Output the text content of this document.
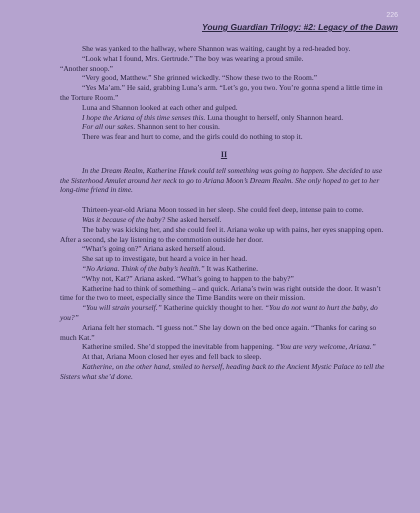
226
Young Guardian Trilogy: #2: Legacy of the Dawn

She was yanked to the hallway, where Shannon was waiting, caught by a red-headed boy.

“Look what I found, Mrs. Gertrude.” The boy was wearing a proud smile.

“Another snoop.”

“Very good, Matthew.” She grinned wickedly. “Show these two to the Room.”

“Yes Ma’am.” He said, grabbing Luna’s arm. “Let’s go, you two. You’re gonna spend a little time in the Torture Room.”

Luna and Shannon looked at each other and gulped.

I hope the Ariana of this time senses this. Luna thought to herself, only Shannon heard.

For all our sakes. Shannon sent to her cousin.

There was fear and hurt to come, and the girls could do nothing to stop it.

II

In the Dream Realm, Katherine Hawk could tell something was going to happen. She decided to use the Sisterhood Amulet around her neck to go to Ariana Moon’s Dream Realm. She only hoped to get to her long-time friend in time.

Thirteen-year-old Ariana Moon tossed in her sleep. She could feel deep, intense pain to come.

Was it because of the baby? She asked herself.

The baby was kicking her, and she could feel it. Ariana woke up with pains, her eyes snapping open. After a second, she lay listening to the commotion outside her door.

“What’s going on?” Ariana asked herself aloud.

She sat up to investigate, but heard a voice in her head.

“No Ariana. Think of the baby’s health.” It was Katherine.

“Why not, Kat?” Ariana asked. “What’s going to happen to the baby?”

Katherine had to think of something – and quick. Ariana’s twin was right outside the door. It wasn’t time for the two to meet, especially since the Time Bandits were on their mission.

“You will strain yourself.” Katherine quickly thought to her. “You do not want to hurt the baby, do you?”

Ariana felt her stomach. “I guess not.” She lay down on the bed once again. “Thanks for caring so much Kat.”

Katherine smiled. She’d stopped the inevitable from happening. “You are very welcome, Ariana.”

At that, Ariana Moon closed her eyes and fell back to sleep.

Katherine, on the other hand, smiled to herself, heading back to the Ancient Mystic Palace to tell the Sisters what she’d done.
